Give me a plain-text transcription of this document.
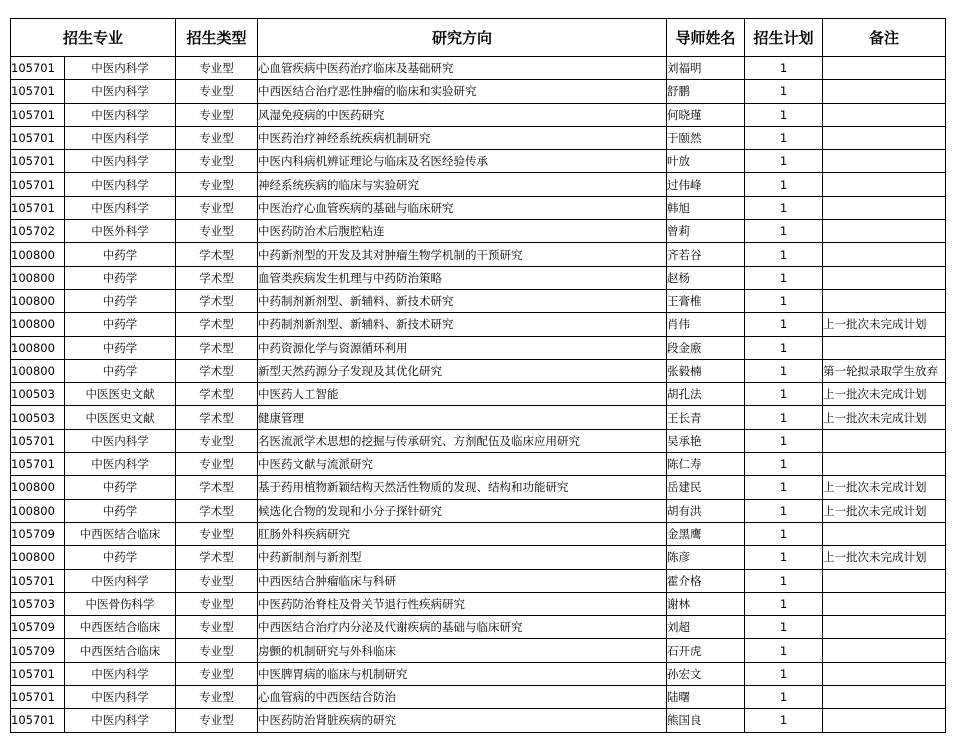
招生专业		招生类型	研究方向	导师姓名	招生计划	备注
105701	中医内科学	专业型	心血管疾病中医药治疗临床及基础研究	刘福明	1	
105701	中医内科学	专业型	中西医结合治疗恶性肿瘤的临床和实验研究	舒鹏	1	
105701	中医内科学	专业型	风湿免疫病的中医药研究	何晓瑾	1	
105701	中医内科学	专业型	中医药治疗神经系统疾病机制研究	于颐然	1	
105701	中医内科学	专业型	中医内科病机辨证理论与临床及名医经验传承	叶放	1	
105701	中医内科学	专业型	神经系统疾病的临床与实验研究	过伟峰	1	
105701	中医内科学	专业型	中医治疗心血管疾病的基础与临床研究	韩旭	1	
105702	中医外科学	专业型	中医药防治术后腹腔粘连	曾莉	1	
100800	中药学	学术型	中药新剂型的开发及其对肿瘤生物学机制的干预研究	齐若谷	1	
100800	中药学	学术型	血管类疾病发生机理与中药防治策略	赵杨	1	
100800	中药学	学术型	中药制剂新剂型、新辅料、新技术研究	王膏椎	1	
100800	中药学	学术型	中药制剂新剂型、新辅料、新技术研究	肖伟	1	上一批次未完成计划
100800	中药学	学术型	中药资源化学与资源循环利用	段金廒	1	
100800	中药学	学术型	新型天然药源分子发现及其优化研究	张毅楠	1	第一轮拟录取学生放弃
100503	中医医史文献	学术型	中医药人工智能	胡孔法	1	上一批次未完成计划
100503	中医医史文献	学术型	健康管理	王长青	1	上一批次未完成计划
105701	中医内科学	专业型	名医流派学术思想的挖掘与传承研究、方剂配伍及临床应用研究	吴承艳	1	
105701	中医内科学	专业型	中医药文献与流派研究	陈仁寿	1	
100800	中药学	学术型	基于药用植物新颖结构天然活性物质的发现、结构和功能研究	岳建民	1	上一批次未完成计划
100800	中药学	学术型	候选化合物的发现和小分子探针研究	胡有洪	1	上一批次未完成计划
105709	中西医结合临床	专业型	肛肠外科疾病研究	金黑鹰	1	
100800	中药学	学术型	中药新制剂与新剂型	陈彦	1	上一批次未完成计划
105701	中医内科学	专业型	中西医结合肿瘤临床与科研	霍介格	1	
105703	中医骨伤科学	专业型	中医药防治脊柱及骨关节退行性疾病研究	谢林	1	
105709	中西医结合临床	专业型	中西医结合治疗内分泌及代谢疾病的基础与临床研究	刘超	1	
105709	中西医结合临床	专业型	房颤的机制研究与外科临床	石开虎	1	
105701	中医内科学	专业型	中医脾胃病的临床与机制研究	孙宏文	1	
105701	中医内科学	专业型	心血管病的中西医结合防治	陆曙	1	
105701	中医内科学	专业型	中医药防治肾脏疾病的研究	熊国良	1	
